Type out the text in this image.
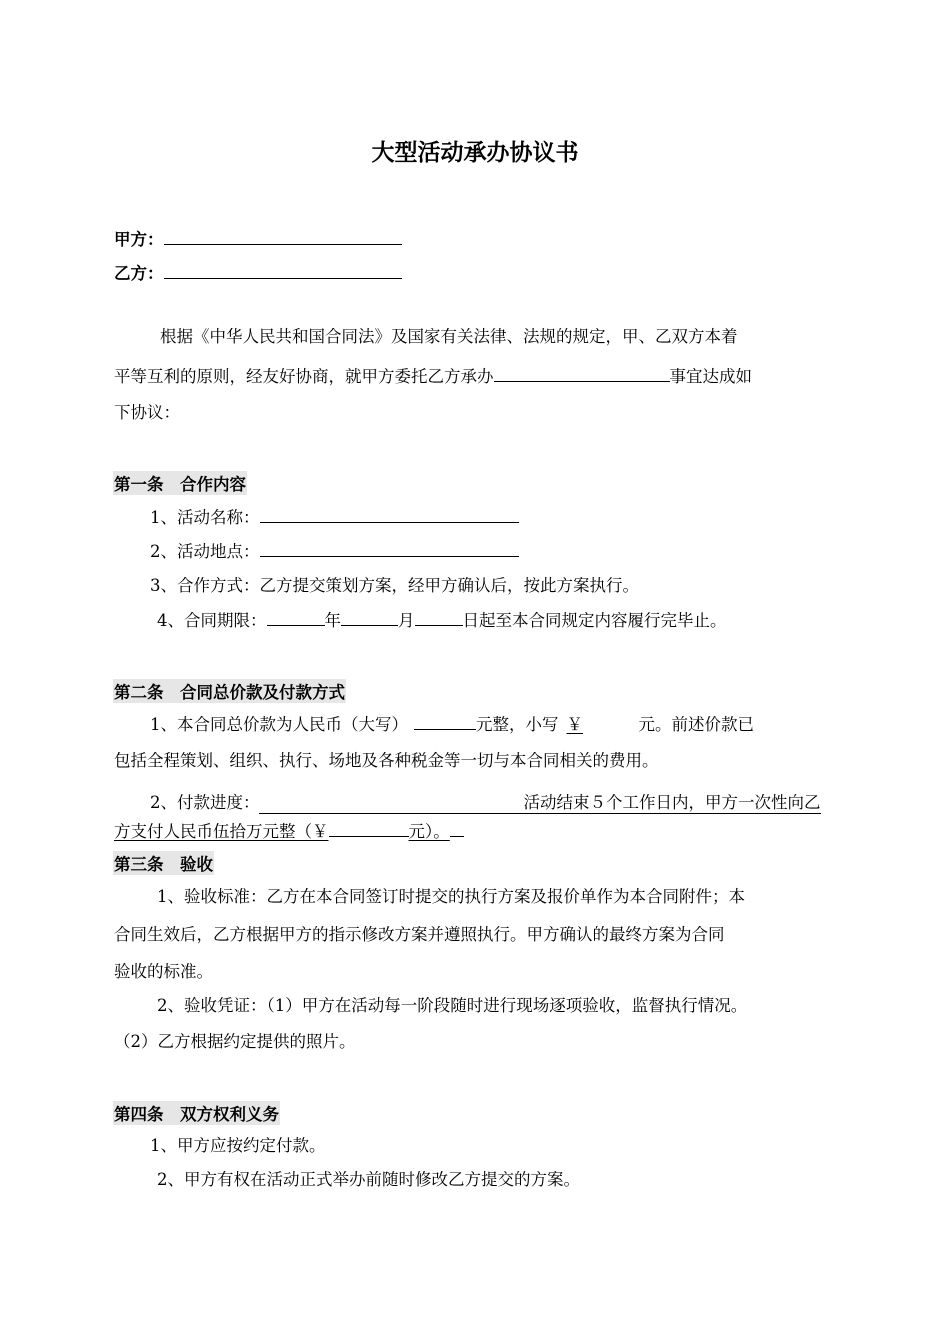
大型活动承办协议书
甲方：
乙方：
根据《中华人民共和国合同法》及国家有关法律、法规的规定，甲、乙双方本着
平等互利的原则，经友好协商，就甲方委托乙方承办	事宜达成如
下协议：
第一条　合作内容
1、活动名称：
2、活动地点：
3、合作方式：乙方提交策划方案，经甲方确认后，按此方案执行。
4、合同期限：	年	月	日起至本合同规定内容履行完毕止。
第二条　合同总价款及付款方式
1、本合同总价款为人民币（大写）	元整，小写 ￥	元。前述价款已
包括全程策划、组织、执行、场地及各种税金等一切与本合同相关的费用。
2、付款进度：	活动结束５个工作日内，甲方一次性向乙
方支付人民币伍拾万元整（￥	元）。
第三条　验收
1、验收标准：乙方在本合同签订时提交的执行方案及报价单作为本合同附件；本
合同生效后，乙方根据甲方的指示修改方案并遵照执行。甲方确认的最终方案为合同
验收的标准。
2、验收凭证：（1）甲方在活动每一阶段随时进行现场逐项验收，监督执行情况。
（2）乙方根据约定提供的照片。
第四条　双方权利义务
1、甲方应按约定付款。
2、甲方有权在活动正式举办前随时修改乙方提交的方案。
